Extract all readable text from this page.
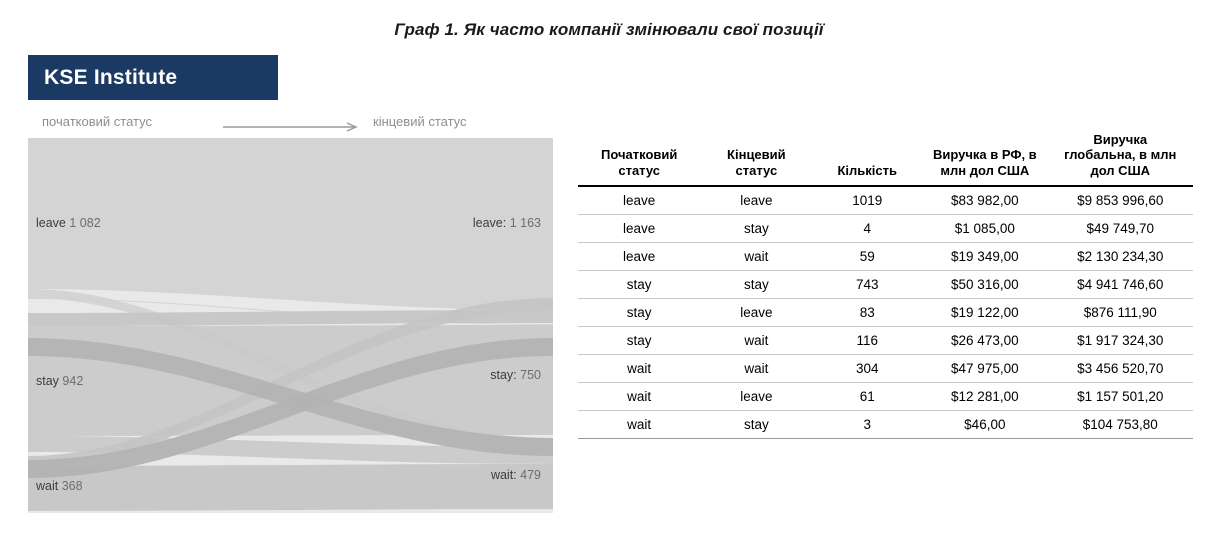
Граф 1. Як часто компанії змінювали свої позиції
KSE Institute
початковий статус	кінцевий статус
leave 1 082
stay 942
wait 368
leave: 1 163
stay: 750
wait: 479
Початковий статус	Кінцевий статус	Кількість	Виручка в РФ, в млн дол США	Виручка глобальна, в млн дол США
leave	leave	1019	$83 982,00	$9 853 996,60
leave	stay	4	$1 085,00	$49 749,70
leave	wait	59	$19 349,00	$2 130 234,30
stay	stay	743	$50 316,00	$4 941 746,60
stay	leave	83	$19 122,00	$876 111,90
stay	wait	116	$26 473,00	$1 917 324,30
wait	wait	304	$47 975,00	$3 456 520,70
wait	leave	61	$12 281,00	$1 157 501,20
wait	stay	3	$46,00	$104 753,80
